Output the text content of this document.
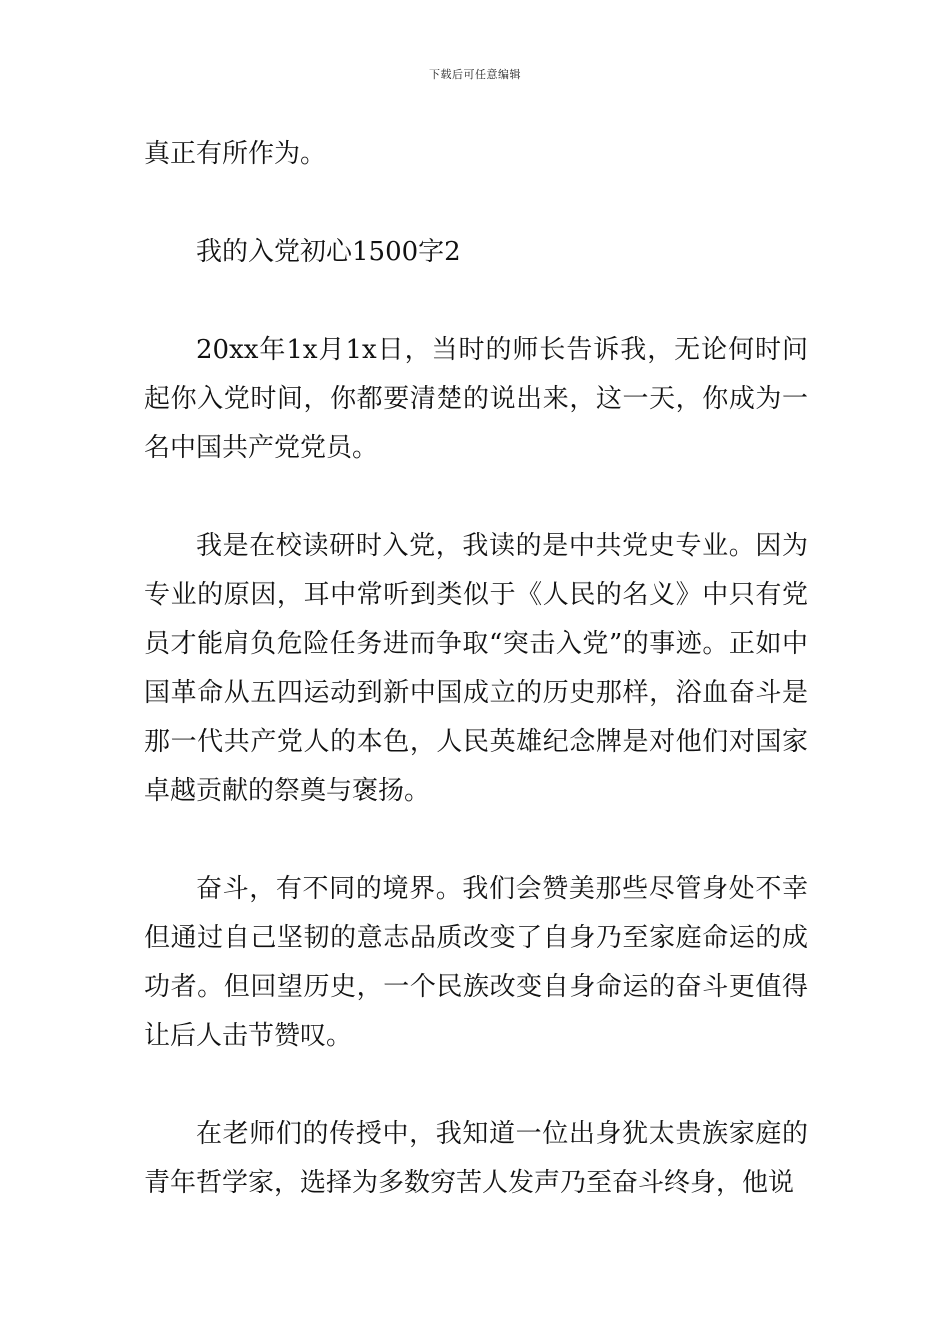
下载后可任意编辑

真正有所作为。

我的入党初心1500字2

20xx年1x月1x日，当时的师长告诉我，无论何时问起你入党时间，你都要清楚的说出来，这一天，你成为一名中国共产党党员。

我是在校读研时入党，我读的是中共党史专业。因为专业的原因，耳中常听到类似于《人民的名义》中只有党员才能肩负危险任务进而争取“突击入党”的事迹。正如中国革命从五四运动到新中国成立的历史那样，浴血奋斗是那一代共产党人的本色，人民英雄纪念牌是对他们对国家卓越贡献的祭奠与褒扬。

奋斗，有不同的境界。我们会赞美那些尽管身处不幸但通过自己坚韧的意志品质改变了自身乃至家庭命运的成功者。但回望历史，一个民族改变自身命运的奋斗更值得让后人击节赞叹。

在老师们的传授中，我知道一位出身犹太贵族家庭的青年哲学家，选择为多数穷苦人发声乃至奋斗终身，他说
